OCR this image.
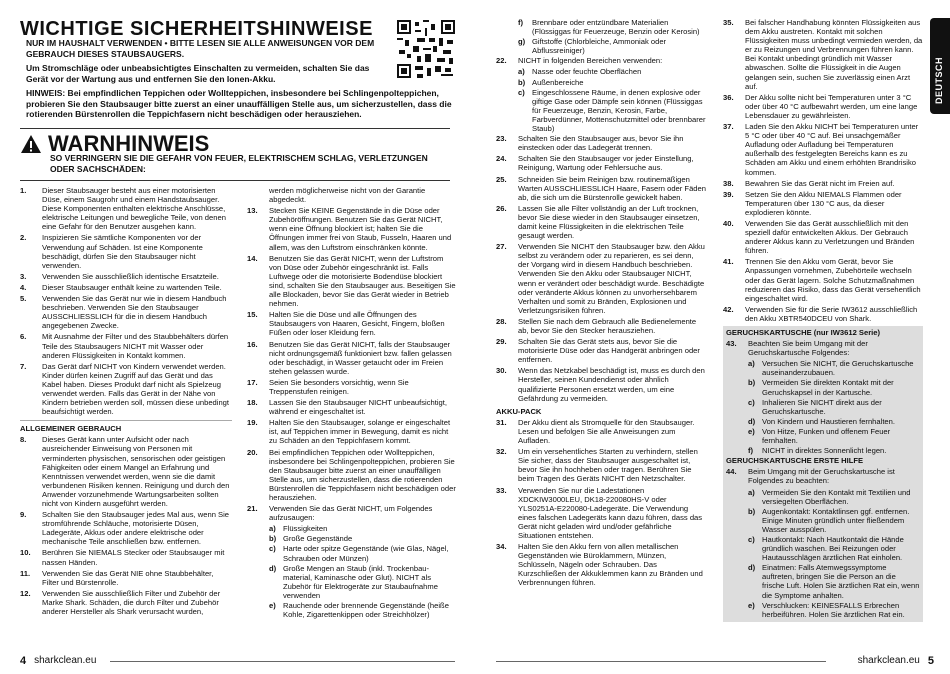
WICHTIGE SICHERHEITSHINWEISE

NUR IM HAUSHALT VERWENDEN • BITTE LESEN SIE ALLE ANWEISUNGEN VOR DEM GEBRAUCH DIESES STAUBSAUGERS.

Um Stromschläge oder unbeabsichtigtes Einschalten zu vermeiden, schalten Sie das Gerät vor der Wartung aus und entfernen Sie den Ionen-Akku.

HINWEIS: Bei empfindlichen Teppichen oder Wollteppichen, insbesondere bei Schlingenpolteppichen, probieren Sie den Staubsauger bitte zuerst an einer unauffälligen Stelle aus, um sicherzustellen, dass die rotierenden Bürstenrollen die Teppichfasern nicht beschädigen oder herausziehen.

WARNHINWEIS
SO VERRINGERN SIE DIE GEFAHR VON FEUER, ELEKTRISCHEM SCHLAG, VERLETZUNGEN ODER SACHSCHÄDEN:
1.	Dieser Staubsauger besteht aus einer motorisierten Düse, einem Saugrohr und einem Handstaubsauger. Diese Komponenten enthalten elektrische Anschlüsse, elektrische Leitungen und bewegliche Teile, von denen eine Gefahr für den Benutzer ausgehen kann.
2.	Inspizieren Sie sämtliche Komponenten vor der Verwendung auf Schäden. Ist eine Komponente beschädigt, dürfen Sie den Staubsauger nicht verwenden.
3.	Verwenden Sie ausschließlich identische Ersatzteile.
4.	Dieser Staubsauger enthält keine zu wartenden Teile.
5.	Verwenden Sie das Gerät nur wie in diesem Handbuch beschrieben. Verwenden Sie den Staubsauger AUSSCHLIESSLICH für die in diesem Handbuch angegebenen Zwecke.
6.	Mit Ausnahme der Filter und des Staubbehälters dürfen Teile des Staubsaugers NICHT mit Wasser oder anderen Flüssigkeiten in Kontakt kommen.
7.	Das Gerät darf NICHT von Kindern verwendet werden. Kinder dürfen keinen Zugriff auf das Gerät und das Kabel haben. Dieses Produkt darf nicht als Spielzeug verwendet werden. Falls das Gerät in der Nähe von Kindern betrieben werden soll, müssen diese unbedingt beaufsichtigt werden.
ALLGEMEINER GEBRAUCH
8.	Dieses Gerät kann unter Aufsicht oder nach ausreichender Einweisung von Personen mit verminderten physischen, sensorischen oder geistigen Fähigkeiten oder einem Mangel an Erfahrung und Kenntnissen verwendet werden, wenn sie die damit verbundenen Risiken kennen. Reinigung und durch den Anwender vorzunehmende Wartungsarbeiten sollten nicht von Kindern ausgeführt werden.
9.	Schalten Sie den Staubsauger jedes Mal aus, wenn Sie stromführende Schläuche, motorisierte Düsen, Ladegeräte, Akkus oder andere elektrische oder mechanische Teile anschließen bzw. entfernen.
10.	Berühren Sie NIEMALS Stecker oder Staubsauger mit nassen Händen.
11.	Verwenden Sie das Gerät NIE ohne Staubbehälter, Filter und Bürstenrolle.
12.	Verwenden Sie ausschließlich Filter und Zubehör der Marke Shark. Schäden, die durch Filter und Zubehör anderer Hersteller als Shark verursacht wurden,
werden möglicherweise nicht von der Garantie abgedeckt.
13.	Stecken Sie KEINE Gegenstände in die Düse oder Zubehöröffnungen. Benutzen Sie das Gerät NICHT, wenn eine Öffnung blockiert ist; halten Sie die Öffnungen immer frei von Staub, Fusseln, Haaren und allem, was den Luftstrom einschränken könnte.
14.	Benutzen Sie das Gerät NICHT, wenn der Luftstrom von Düse oder Zubehör eingeschränkt ist. Falls Luftwege oder die motorisierte Bodendüse blockiert sind, schalten Sie den Staubsauger aus. Beseitigen Sie alle Blockaden, bevor Sie das Gerät wieder in Betrieb nehmen.
15.	Halten Sie die Düse und alle Öffnungen des Staubsaugers von Haaren, Gesicht, Fingern, bloßen Füßen oder loser Kleidung fern.
16.	Benutzen Sie das Gerät NICHT, falls der Staubsauger nicht ordnungsgemäß funktioniert bzw. fallen gelassen oder beschädigt, in Wasser getaucht oder im Freien stehen gelassen wurde.
17.	Seien Sie besonders vorsichtig, wenn Sie Treppenstufen reinigen.
18.	Lassen Sie den Staubsauger NICHT unbeaufsichtigt, während er eingeschaltet ist.
19.	Halten Sie den Staubsauger, solange er eingeschaltet ist, auf Teppichen immer in Bewegung, damit es nicht zu Schäden an den Teppichfasern kommt.
20.	Bei empfindlichen Teppichen oder Wollteppichen, insbesondere bei Schlingenpolteppichen, probieren Sie den Staubsauger bitte zuerst an einer unauffälligen Stelle aus, um sicherzustellen, dass die rotierenden Bürstenrollen die Teppichfasern nicht beschädigen oder herausziehen.
21.	Verwenden Sie das Gerät NICHT, um Folgendes aufzusaugen:
a) Flüssigkeiten
b) Große Gegenstände
c) Harte oder spitze Gegenstände (wie Glas, Nägel, Schrauben oder Münzen)
d) Große Mengen an Staub (inkl. Trockenbau-material, Kaminasche oder Glut). NICHT als Zubehör für Elektrogeräte zur Staubaufnahme verwenden
e) Rauchende oder brennende Gegenstände (heiße Kohle, Zigarettenkippen oder Streichhölzer)
4 sharkclean.eu
f)	Brennbare oder entzündbare Materialien (Flüssiggas für Feuerzeuge, Benzin oder Kerosin)
g) Giftstoffe (Chlorbleiche, Ammoniak oder Abflussreiniger)
22.	NICHT in folgenden Bereichen verwenden:
a) Nasse oder feuchte Oberflächen
b) Außenbereiche
c) Eingeschlossene Räume, in denen explosive oder giftige Gase oder Dämpfe sein können (Flüssiggas für Feuerzeuge, Benzin, Kerosin, Farbe, Farbverdünner, Mottenschutzmittel oder brennbarer Staub)
23.	Schalten Sie den Staubsauger aus, bevor Sie ihn einstecken oder das Ladegerät trennen.
24.	Schalten Sie den Staubsauger vor jeder Einstellung, Reinigung, Wartung oder Fehlersuche aus.
25.	Schneiden Sie beim Reinigen bzw. routinemäßigen Warten AUSSCHLIESSLICH Haare, Fasern oder Fäden ab, die sich um die Bürstenrolle gewickelt haben.
26.	Lassen Sie alle Filter vollständig an der Luft trocknen, bevor Sie diese wieder in den Staubsauger einsetzen, damit keine Flüssigkeiten in die elektrischen Teile gesaugt werden.
27.	Verwenden Sie NICHT den Staubsauger bzw. den Akku selbst zu verändern oder zu reparieren, es sei denn, der Vorgang wird in diesem Handbuch beschrieben. Verwenden Sie den Akku oder Staubsauger NICHT, wenn er verändert oder beschädigt wurde. Beschädigte oder veränderte Akkus können zu unvorhersehbarem Verhalten und somit zu Bränden, Explosionen und Verletzungsrisiken führen.
28.	Stellen Sie nach dem Gebrauch alle Bedienelemente ab, bevor Sie den Stecker herausziehen.
29.	Schalten Sie das Gerät stets aus, bevor Sie die motorisierte Düse oder das Handgerät anbringen oder entfernen.
30.	Wenn das Netzkabel beschädigt ist, muss es durch den Hersteller, seinen Kundendienst oder ähnlich qualifizierte Personen ersetzt werden, um eine Gefährdung zu vermeiden.
AKKU-PACK
31.	Der Akku dient als Stromquelle für den Staubsauger. Lesen und befolgen Sie alle Anweisungen zum Aufladen.
32.	Um ein versehentliches Starten zu verhindern, stellen Sie sicher, dass der Staubsauger ausgeschaltet ist, bevor Sie ihn hochheben oder tragen. Berühren Sie beim Tragen des Geräts NICHT den Netzschalter.
33.	Verwenden Sie nur die Ladestationen XDCKIW3000LEU, DK18-220080HS-V oder YLS0251A-E220080-Ladegeräte. Die Verwendung eines falschen Ladegeräts kann dazu führen, dass das Gerät nicht geladen wird und/oder gefährliche Situationen entstehen.
34.	Halten Sie den Akku fern von allen metallischen Gegenständen wie Büroklammern, Münzen, Schlüsseln, Nägeln oder Schrauben. Das Kurzschließen der Akkuklemmen kann zu Bränden und Verbrennungen führen.
35.	Bei falscher Handhabung könnten Flüssigkeiten aus dem Akku austreten. Kontakt mit solchen Flüssigkeiten muss unbedingt vermieden werden, da er zu Reizungen und Verbrennungen führen kann. Bei Kontakt unbedingt gründlich mit Wasser abwaschen. Sollte die Flüssigkeit in die Augen gelangen sein, suchen Sie zuverlässig einen Arzt auf.
36.	Der Akku sollte nicht bei Temperaturen unter 3 °C oder über 40 °C aufbewahrt werden, um eine lange Lebensdauer zu gewährleisten.
37.	Laden Sie den Akku NICHT bei Temperaturen unter 5 °C oder über 40 °C auf. Bei unsachgemäßer Aufladung oder Aufladung bei Temperaturen außerhalb des festgelegten Bereichs kann es zu Schäden am Akku und einem erhöhten Brandrisiko kommen.
38.	Bewahren Sie das Gerät nicht im Freien auf.
39.	Setzen Sie den Akku NIEMALS Flammen oder Temperaturen über 130 °C aus, da dieser explodieren könnte.
40.	Verwenden Sie das Gerät ausschließlich mit den speziell dafür entwickelten Akkus. Der Gebrauch anderer Akkus kann zu Verletzungen und Bränden führen.
41.	Trennen Sie den Akku vom Gerät, bevor Sie Anpassungen vornehmen, Zubehörteile wechseln oder das Gerät lagern. Solche Schutzmaßnahmen reduzieren das Risiko, dass das Gerät versehentlich eingeschaltet wird.
42.	Verwenden Sie für die Serie IW3612 ausschließlich den Akku XBTR540DCEU von Shark.
GERUCHSKARTUSCHE (nur IW3612 Serie)
43.	Beachten Sie beim Umgang mit der Geruchskartusche Folgendes:
a) Versuchen Sie NICHT, die Geruchskartusche auseinanderzubauen.
b) Vermeiden Sie direkten Kontakt mit der Geruchskapsel in der Kartusche.
c) Inhalieren Sie NICHT direkt aus der Geruchskartusche.
d) Von Kindern und Haustieren fernhalten.
e) Von Hitze, Funken und offenem Feuer fernhalten.
f)	NICHT in direktes Sonnenlicht legen.
GERUCHSKARTUSCHE ERSTE HILFE
44.	Beim Umgang mit der Geruchskartusche ist Folgendes zu beachten:
a) Vermeiden Sie den Kontakt mit Textilien und versiegelten Oberflächen.
b) Augenkontakt: Kontaktlinsen ggf. entfernen. Einige Minuten gründlich unter fließendem Wasser ausspülen.
c) Hautkontakt: Nach Hautkontakt die Hände gründlich waschen. Bei Reizungen oder Hautausschlägen ärztlichen Rat einholen.
d) Einatmen: Falls Atemwegssymptome auftreten, bringen Sie die Person an die frische Luft. Holen Sie ärztlichen Rat ein, wenn die Symptome anhalten.
e) Verschlucken: KEINESFALLS Erbrechen herbeiführen. Holen Sie ärztlichen Rat ein.
DEUTSCH
sharkclean.eu 5
